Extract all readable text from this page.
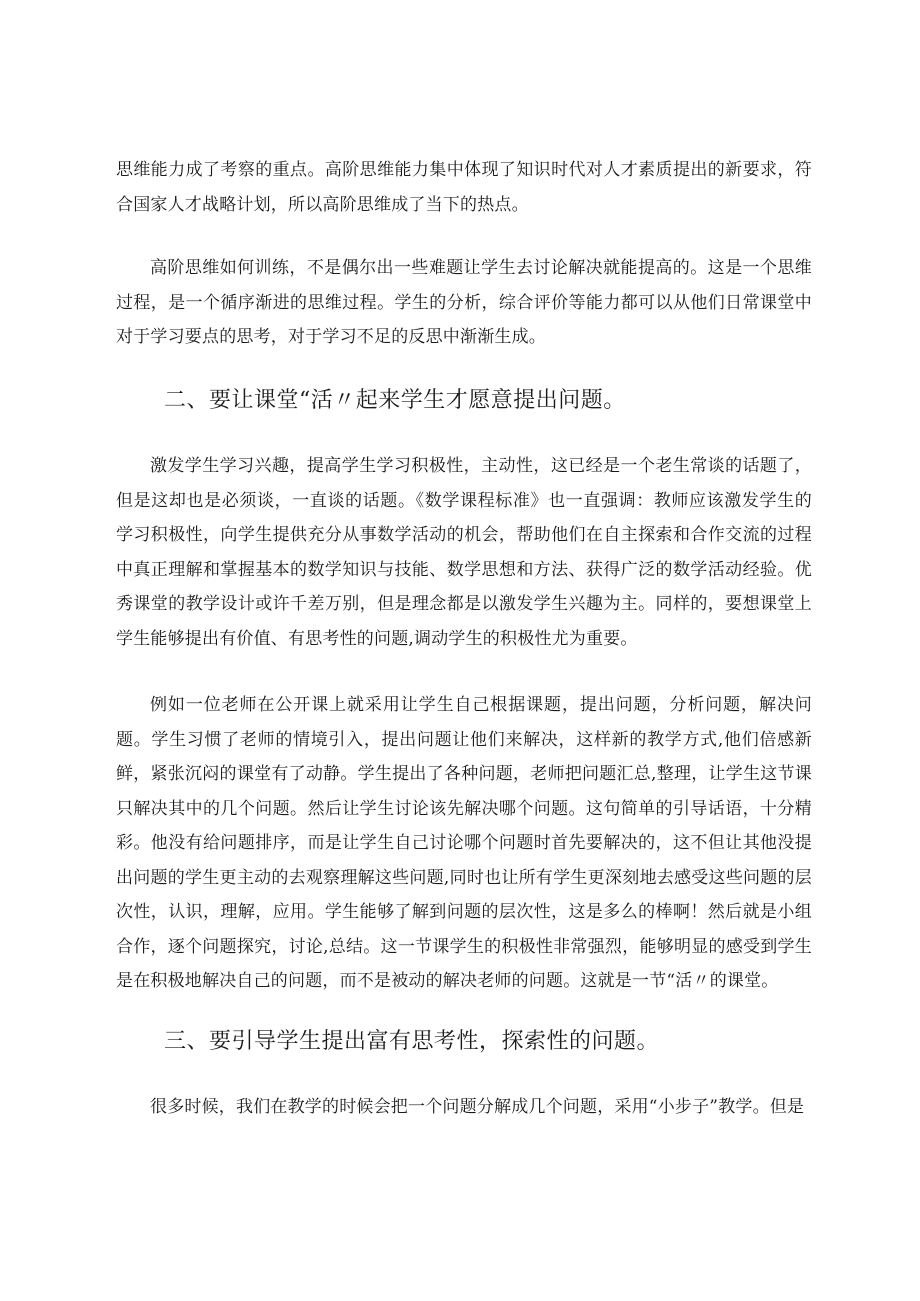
思维能力成了考察的重点。高阶思维能力集中体现了知识时代对人才素质提出的新要求，符合国家人才战略计划，所以高阶思维成了当下的热点。

高阶思维如何训练，不是偶尔出一些难题让学生去讨论解决就能提高的。这是一个思维过程，是一个循序渐进的思维过程。学生的分析，综合评价等能力都可以从他们日常课堂中对于学习要点的思考，对于学习不足的反思中渐渐生成。

二、要让课堂“活〃起来学生才愿意提出问题。

激发学生学习兴趣，提高学生学习积极性，主动性，这已经是一个老生常谈的话题了，但是这却也是必须谈，一直谈的话题。《数学课程标准》也一直强调：教师应该激发学生的学习积极性，向学生提供充分从事数学活动的机会，帮助他们在自主探索和合作交流的过程中真正理解和掌握基本的数学知识与技能、数学思想和方法、获得广泛的数学活动经验。优秀课堂的教学设计或许千差万别，但是理念都是以激发学生兴趣为主。同样的，要想课堂上学生能够提出有价值、有思考性的问题,调动学生的积极性尤为重要。

例如一位老师在公开课上就采用让学生自己根据课题，提出问题，分析问题，解决问题。学生习惯了老师的情境引入，提出问题让他们来解决，这样新的教学方式,他们倍感新鲜，紧张沉闷的课堂有了动静。学生提出了各种问题，老师把问题汇总,整理，让学生这节课只解决其中的几个问题。然后让学生讨论该先解决哪个问题。这句简单的引导话语，十分精彩。他没有给问题排序，而是让学生自己讨论哪个问题时首先要解决的，这不但让其他没提出问题的学生更主动的去观察理解这些问题,同时也让所有学生更深刻地去感受这些问题的层次性，认识，理解，应用。学生能够了解到问题的层次性，这是多么的棒啊！然后就是小组合作，逐个问题探究，讨论,总结。这一节课学生的积极性非常强烈，能够明显的感受到学生是在积极地解决自己的问题，而不是被动的解决老师的问题。这就是一节“活〃的课堂。

三、要引导学生提出富有思考性，探索性的问题。

很多时候，我们在教学的时候会把一个问题分解成几个问题，采用“小步子”教学。但是
